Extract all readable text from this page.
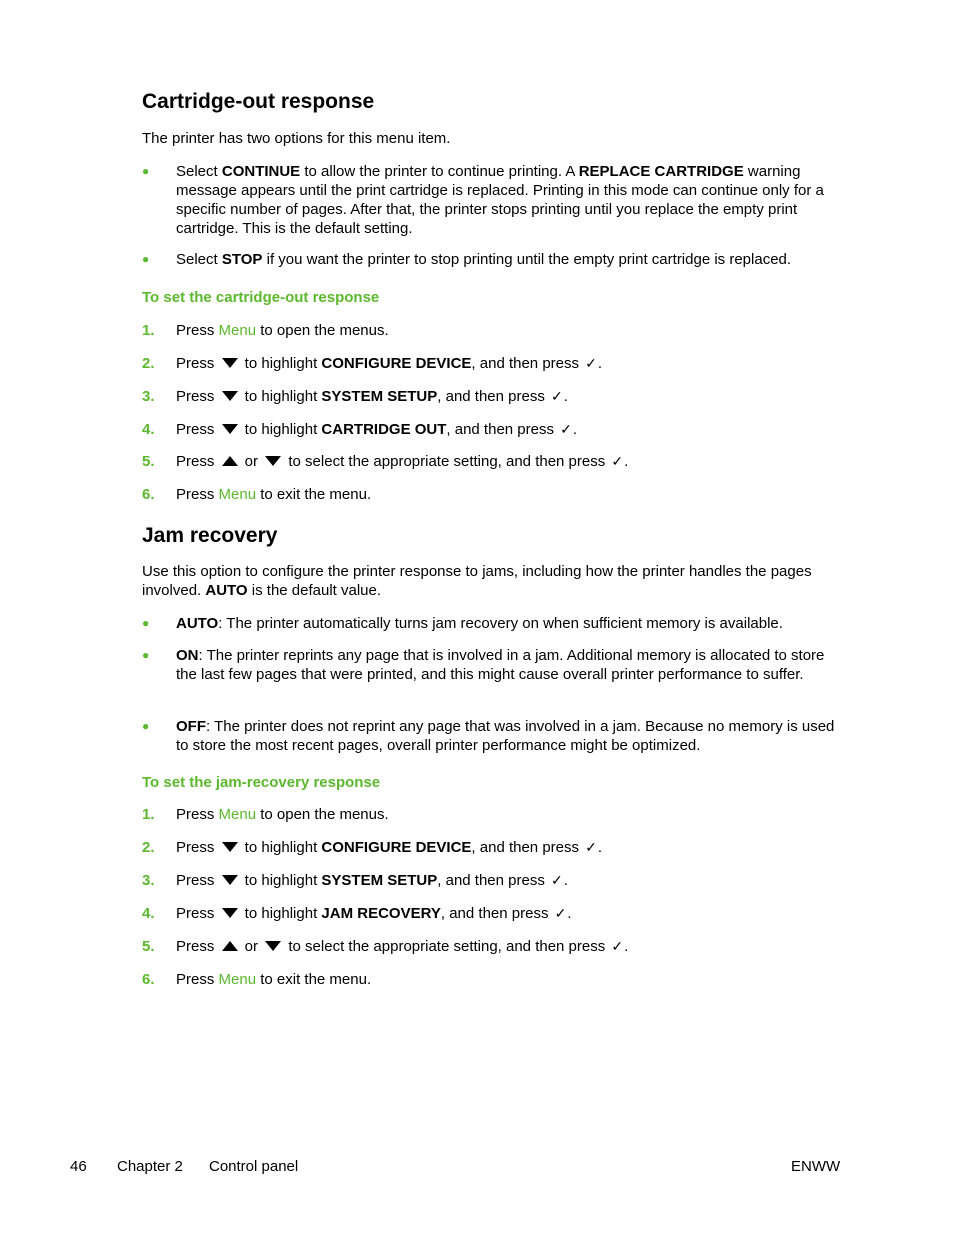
Cartridge-out response

The printer has two options for this menu item.

● Select CONTINUE to allow the printer to continue printing. A REPLACE CARTRIDGE warning message appears until the print cartridge is replaced. Printing in this mode can continue only for a specific number of pages. After that, the printer stops printing until you replace the empty print cartridge. This is the default setting.
● Select STOP if you want the printer to stop printing until the empty print cartridge is replaced.

To set the cartridge-out response

1. Press Menu to open the menus.
2. Press  to highlight CONFIGURE DEVICE, and then press ✓.
3. Press  to highlight SYSTEM SETUP, and then press ✓.
4. Press  to highlight CARTRIDGE OUT, and then press ✓.
5. Press  or  to select the appropriate setting, and then press ✓.
6. Press Menu to exit the menu.
Jam recovery

Use this option to configure the printer response to jams, including how the printer handles the pages involved. AUTO is the default value.

● AUTO: The printer automatically turns jam recovery on when sufficient memory is available.
● ON: The printer reprints any page that is involved in a jam. Additional memory is allocated to store the last few pages that were printed, and this might cause overall printer performance to suffer.
● OFF: The printer does not reprint any page that was involved in a jam. Because no memory is used to store the most recent pages, overall printer performance might be optimized.

To set the jam-recovery response

1. Press Menu to open the menus.
2. Press  to highlight CONFIGURE DEVICE, and then press ✓.
3. Press  to highlight SYSTEM SETUP, and then press ✓.
4. Press  to highlight JAM RECOVERY, and then press ✓.
5. Press  or  to select the appropriate setting, and then press ✓.
6. Press Menu to exit the menu.
46 Chapter 2 Control panel	ENWW
